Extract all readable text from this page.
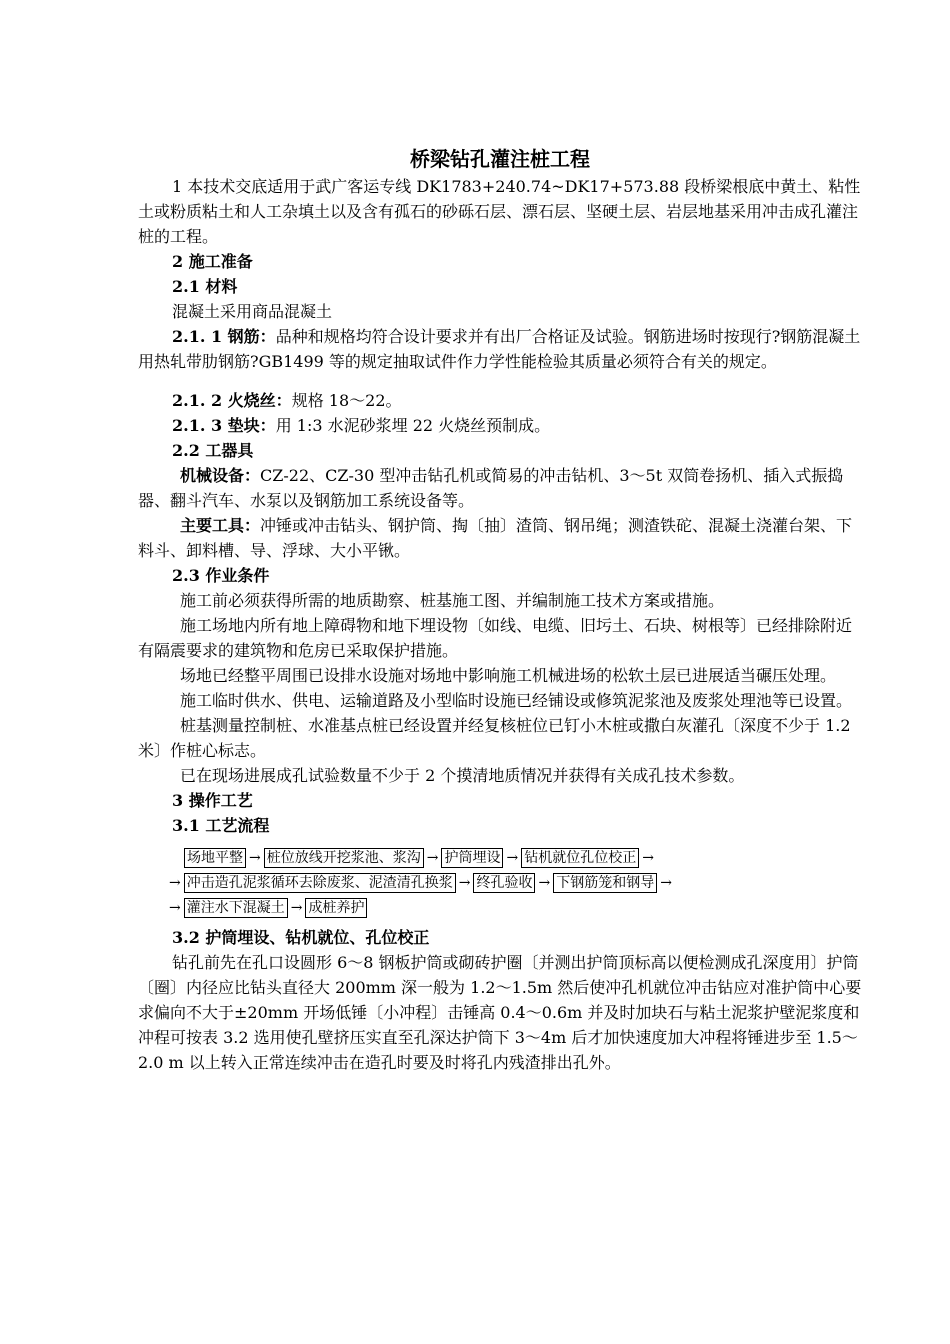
桥梁钻孔灌注桩工程

1 本技术交底适用于武广客运专线 DK1783+240.74~DK17+573.88 段桥梁根底中黄土、粘性土或粉质粘土和人工杂填土以及含有孤石的砂砾石层、漂石层、坚硬土层、岩层地基采用冲击成孔灌注桩的工程。

2 施工准备

2.1 材料

混凝土采用商品混凝土

2.1. 1 钢筋：品种和规格均符合设计要求并有出厂合格证及试验。钢筋进场时按现行?钢筋混凝土用热轧带肋钢筋?GB1499 等的规定抽取试件作力学性能检验其质量必须符合有关的规定。

2.1. 2 火烧丝：规格 18～22。

2.1. 3 垫块：用 1:3 水泥砂浆埋 22 火烧丝预制成。

2.2 工器具

机械设备：CZ-22、CZ-30 型冲击钻孔机或简易的冲击钻机、3～5t 双筒卷扬机、插入式振捣器、翻斗汽车、水泵以及钢筋加工系统设备等。

主要工具：冲锤或冲击钻头、钢护筒、掏〔抽〕渣筒、钢吊绳；测渣铁砣、混凝土浇灌台架、下料斗、卸料槽、导、浮球、大小平锹。

2.3 作业条件

施工前必须获得所需的地质勘察、桩基施工图、并编制施工技术方案或措施。

施工场地内所有地上障碍物和地下埋设物〔如线、电缆、旧圬土、石块、树根等〕已经排除附近有隔震要求的建筑物和危房已采取保护措施。

场地已经整平周围已设排水设施对场地中影响施工机械进场的松软土层已进展适当碾压处理。

施工临时供水、供电、运输道路及小型临时设施已经铺设或修筑泥浆池及废浆处理池等已设置。

桩基测量控制桩、水准基点桩已经设置并经复核桩位已钉小木桩或撒白灰灌孔〔深度不少于 1.2 米〕作桩心标志。

已在现场进展成孔试验数量不少于 2 个摸清地质情况并获得有关成孔技术参数。

3 操作工艺

3.1 工艺流程

场地平整 → 桩位放线开挖浆池、浆沟 → 护筒埋设 → 钻机就位孔位校正 →
→ 冲击造孔泥浆循环去除废浆、泥渣清孔换浆 → 终孔验收 → 下钢筋笼和钢导 →
→ 灌注水下混凝土 → 成桩养护

3.2 护筒埋设、钻机就位、孔位校正

钻孔前先在孔口设圆形 6～8 钢板护筒或砌砖护圈〔并测出护筒顶标高以便检测成孔深度用〕护筒〔圈〕内径应比钻头直径大 200mm 深一般为 1.2～1.5m 然后使冲孔机就位冲击钻应对准护筒中心要求偏向不大于±20mm 开场低锤〔小冲程〕击锤高 0.4～0.6m 并及时加块石与粘土泥浆护壁泥浆度和冲程可按表 3.2 选用使孔壁挤压实直至孔深达护筒下 3～4m 后才加快速度加大冲程将锤进步至 1.5～2.0 m 以上转入正常连续冲击在造孔时要及时将孔内残渣排出孔外。
